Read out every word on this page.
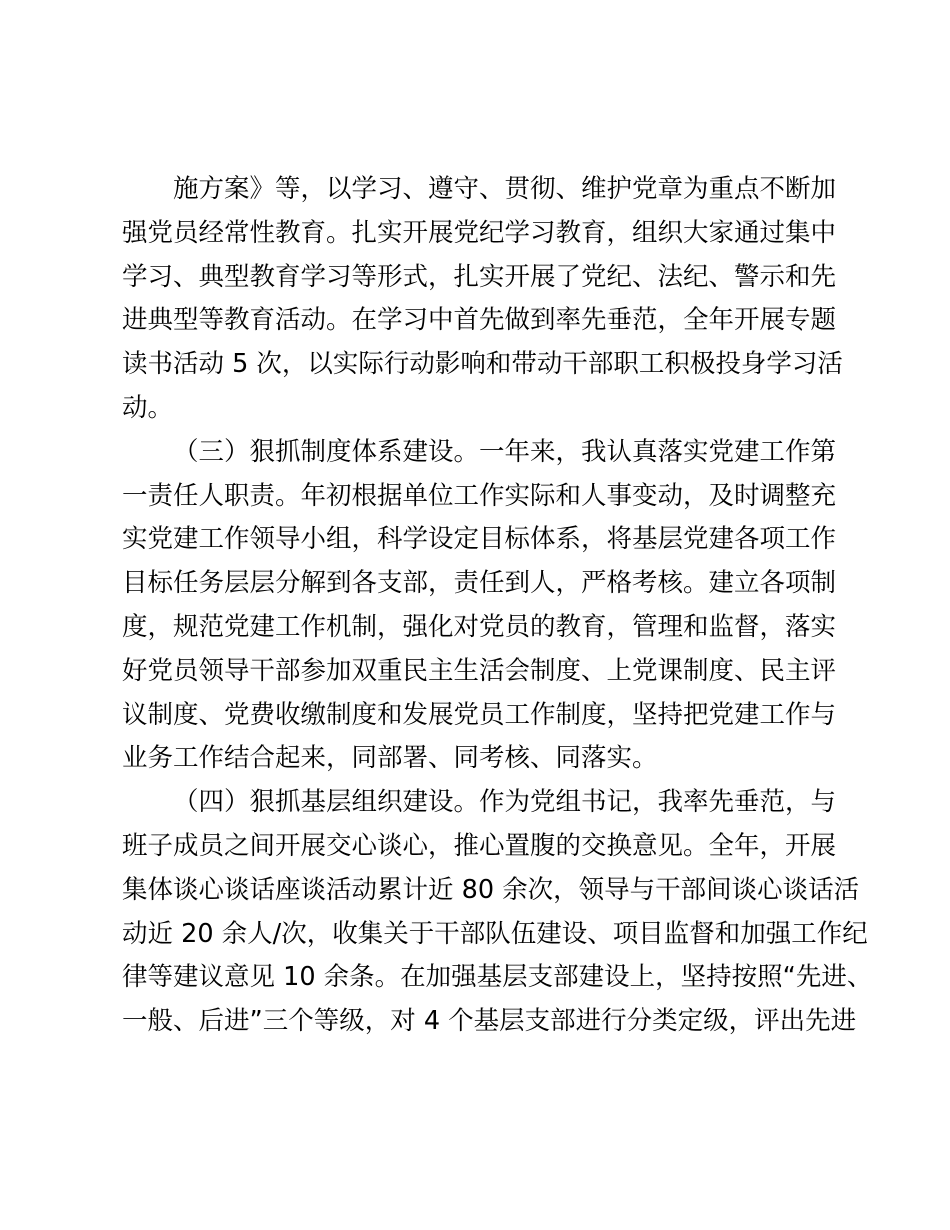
施方案》等，以学习、遵守、贯彻、维护党章为重点不断加
强党员经常性教育。扎实开展党纪学习教育，组织大家通过集中
学习、典型教育学习等形式，扎实开展了党纪、法纪、警示和先
进典型等教育活动。在学习中首先做到率先垂范，全年开展专题
读书活动 5 次，以实际行动影响和带动干部职工积极投身学习活
动。
（三）狠抓制度体系建设。一年来，我认真落实党建工作第
一责任人职责。年初根据单位工作实际和人事变动，及时调整充
实党建工作领导小组，科学设定目标体系，将基层党建各项工作
目标任务层层分解到各支部，责任到人，严格考核。建立各项制
度，规范党建工作机制，强化对党员的教育，管理和监督，落实
好党员领导干部参加双重民主生活会制度、上党课制度、民主评
议制度、党费收缴制度和发展党员工作制度，坚持把党建工作与
业务工作结合起来，同部署、同考核、同落实。
（四）狠抓基层组织建设。作为党组书记，我率先垂范，与
班子成员之间开展交心谈心，推心置腹的交换意见。全年，开展
集体谈心谈话座谈活动累计近 80 余次，领导与干部间谈心谈话活
动近 20 余人/次，收集关于干部队伍建设、项目监督和加强工作纪
律等建议意见 10 余条。在加强基层支部建设上，坚持按照“先进、
一般、后进”三个等级，对 4 个基层支部进行分类定级，评出先进
